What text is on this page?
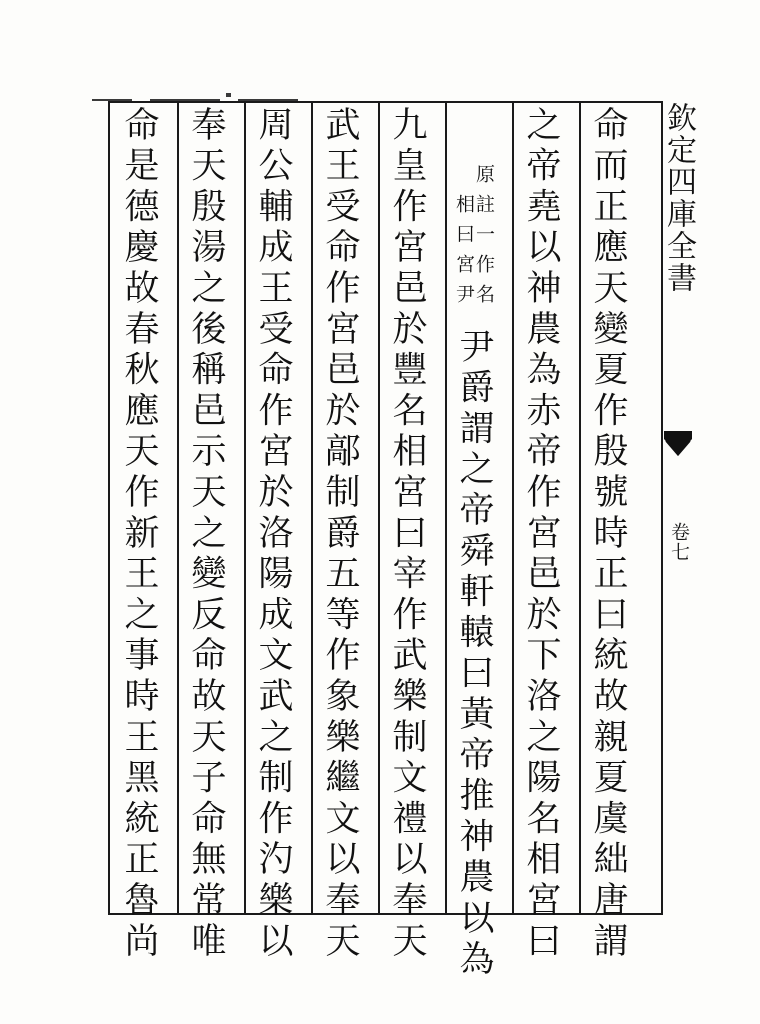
欽定四庫全書
卷七
命而正應天變夏作殷號時正曰統故親夏虞絀唐謂
之帝堯以神農為赤帝作宮邑於下洛之陽名相宮曰
原註一作名
相曰宮尹
尹爵謂之帝舜軒轅曰黃帝推神農以為
九皇作宮邑於豐名相宮曰宰作武樂制文禮以奉天
武王受命作宮邑於鄗制爵五等作象樂繼文以奉天
周公輔成王受命作宮於洛陽成文武之制作汋樂以
奉天殷湯之後稱邑示天之變反命故天子命無常唯
命是德慶故春秋應天作新王之事時王黑統正魯尚
